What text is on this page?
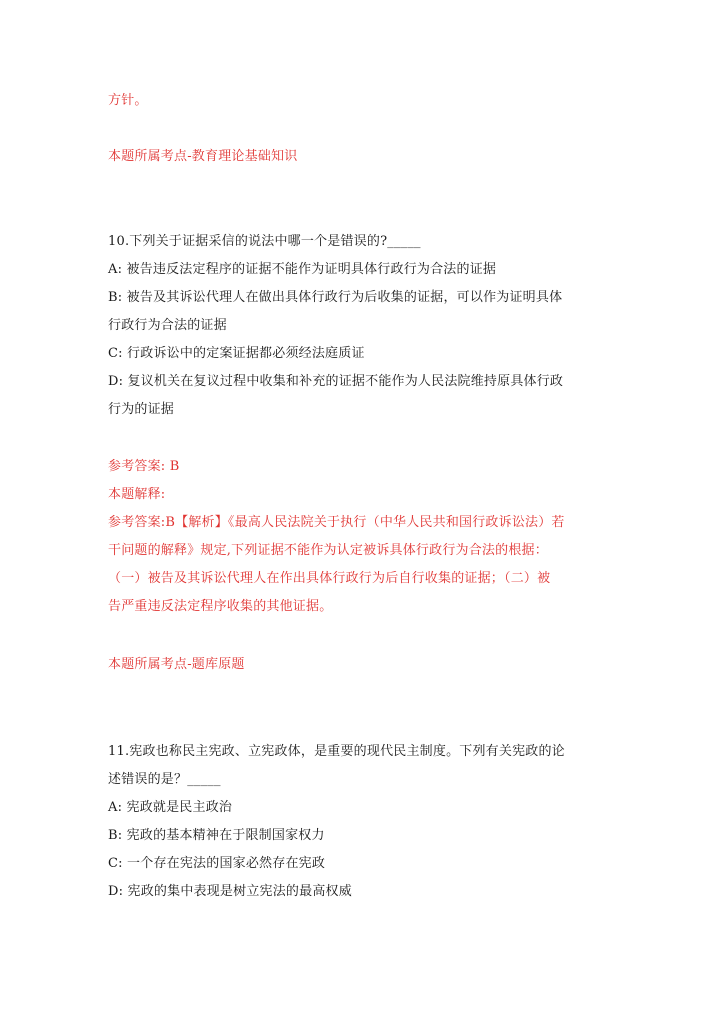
方针。
本题所属考点-教育理论基础知识
10.下列关于证据采信的说法中哪一个是错误的?_____
A: 被告违反法定程序的证据不能作为证明具体行政行为合法的证据
B: 被告及其诉讼代理人在做出具体行政行为后收集的证据，可以作为证明具体
行政行为合法的证据
C: 行政诉讼中的定案证据都必须经法庭质证
D: 复议机关在复议过程中收集和补充的证据不能作为人民法院维持原具体行政
行为的证据
参考答案: B
本题解释:
参考答案:B【解析】《最高人民法院关于执行（中华人民共和国行政诉讼法）若
干问题的解释》规定,下列证据不能作为认定被诉具体行政行为合法的根据：
（一）被告及其诉讼代理人在作出具体行政行为后自行收集的证据；（二）被
告严重违反法定程序收集的其他证据。
本题所属考点-题库原题
11.宪政也称民主宪政、立宪政体，是重要的现代民主制度。下列有关宪政的论
述错误的是？_____
A: 宪政就是民主政治
B: 宪政的基本精神在于限制国家权力
C: 一个存在宪法的国家必然存在宪政
D: 宪政的集中表现是树立宪法的最高权威
